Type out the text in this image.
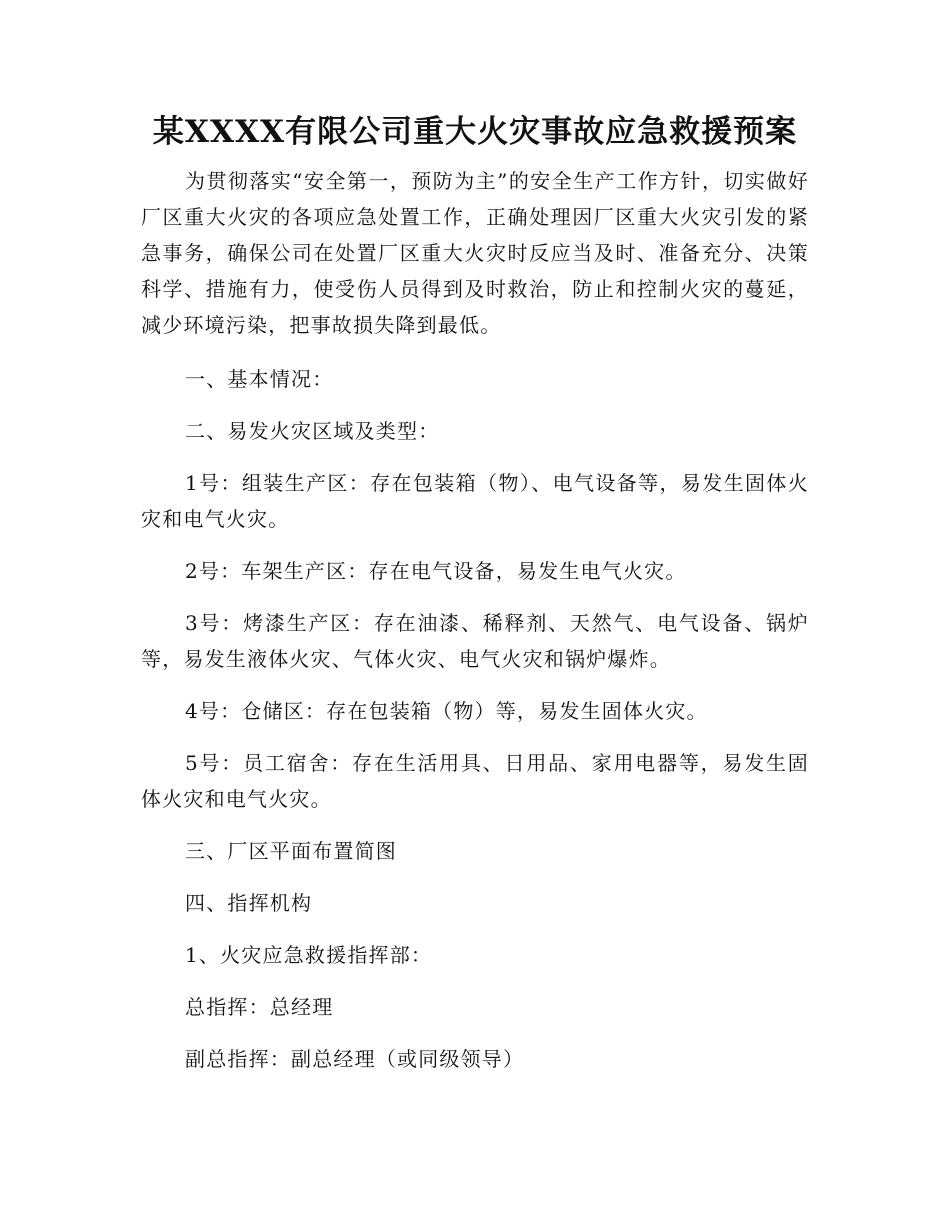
某XXXX有限公司重大火灾事故应急救援预案

为贯彻落实“安全第一，预防为主”的安全生产工作方针，切实做好厂区重大火灾的各项应急处置工作，正确处理因厂区重大火灾引发的紧急事务，确保公司在处置厂区重大火灾时反应当及时、准备充分、决策科学、措施有力，使受伤人员得到及时救治，防止和控制火灾的蔓延，减少环境污染，把事故损失降到最低。

一、基本情况：

二、易发火灾区域及类型：

1号：组装生产区：存在包装箱（物）、电气设备等，易发生固体火灾和电气火灾。

2号：车架生产区：存在电气设备，易发生电气火灾。

3号：烤漆生产区：存在油漆、稀释剂、天然气、电气设备、锅炉等，易发生液体火灾、气体火灾、电气火灾和锅炉爆炸。

4号：仓储区：存在包装箱（物）等，易发生固体火灾。

5号：员工宿舍：存在生活用具、日用品、家用电器等，易发生固体火灾和电气火灾。

三、厂区平面布置简图

四、指挥机构

1、火灾应急救援指挥部：

总指挥：总经理

副总指挥：副总经理（或同级领导）
